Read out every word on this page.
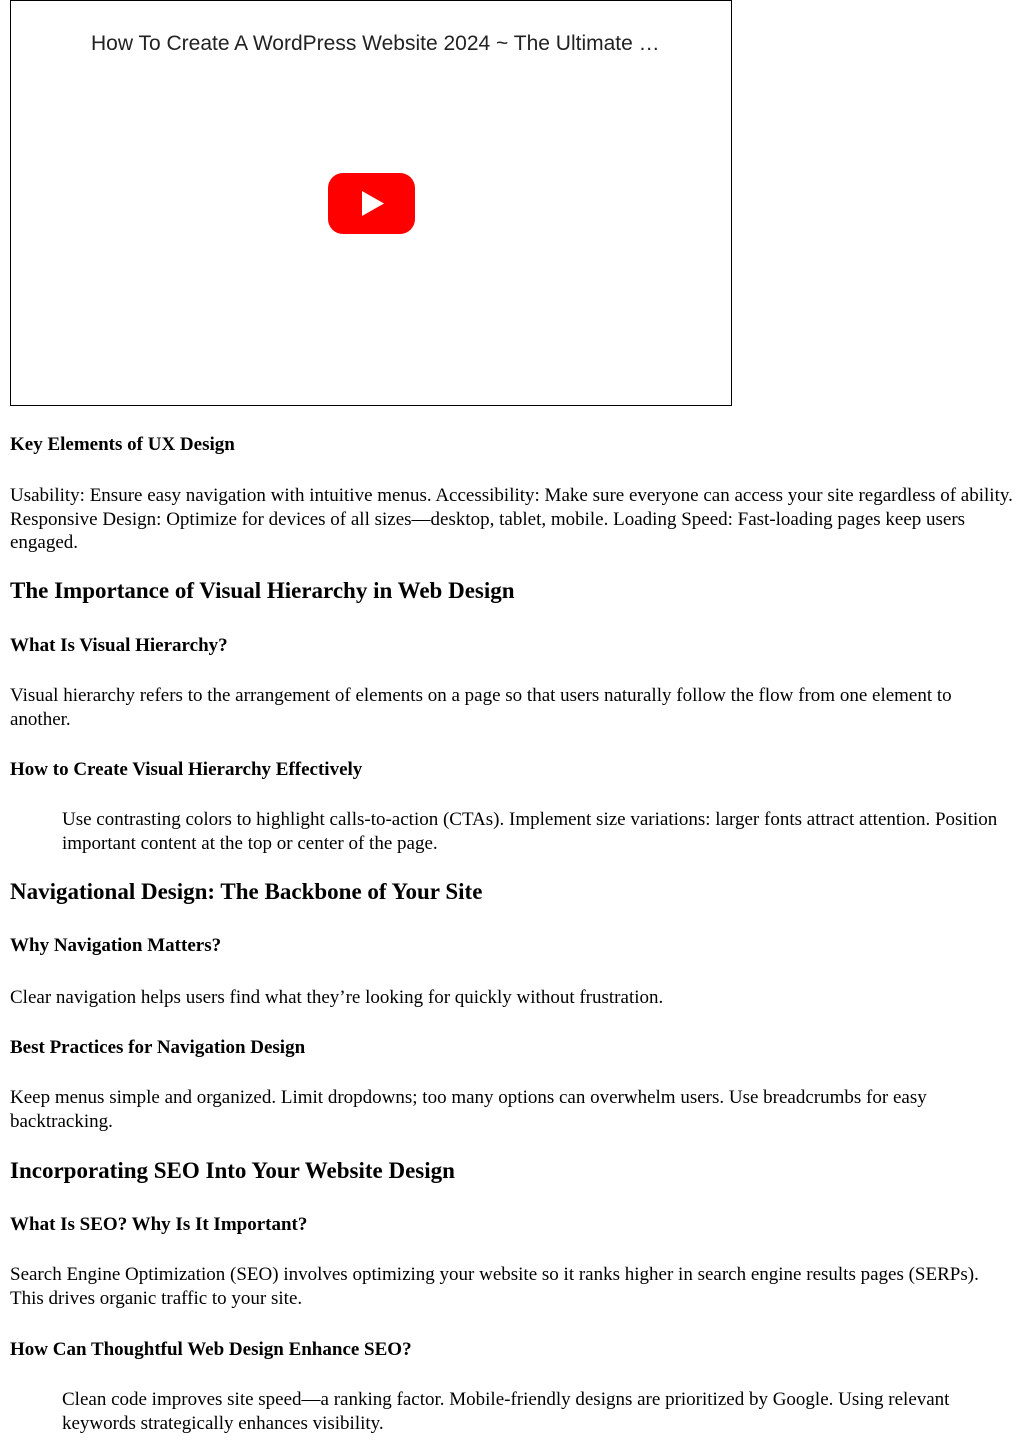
How To Create A WordPress Website 2024 ~ The Ultimate …
Key Elements of UX Design

Usability: Ensure easy navigation with intuitive menus. Accessibility: Make sure everyone can access your site regardless of ability. Responsive Design: Optimize for devices of all sizes—desktop, tablet, mobile. Loading Speed: Fast-loading pages keep users engaged.

The Importance of Visual Hierarchy in Web Design
What Is Visual Hierarchy?

Visual hierarchy refers to the arrangement of elements on a page so that users naturally follow the flow from one element to another.

How to Create Visual Hierarchy Effectively

Use contrasting colors to highlight calls-to-action (CTAs). Implement size variations: larger fonts attract attention. Position important content at the top or center of the page.

Navigational Design: The Backbone of Your Site
Why Navigation Matters?

Clear navigation helps users find what they’re looking for quickly without frustration.

Best Practices for Navigation Design

Keep menus simple and organized. Limit dropdowns; too many options can overwhelm users. Use breadcrumbs for easy backtracking.

Incorporating SEO Into Your Website Design
What Is SEO? Why Is It Important?

Search Engine Optimization (SEO) involves optimizing your website so it ranks higher in search engine results pages (SERPs). This drives organic traffic to your site.

How Can Thoughtful Web Design Enhance SEO?

Clean code improves site speed—a ranking factor. Mobile-friendly designs are prioritized by Google. Using relevant keywords strategically enhances visibility.
